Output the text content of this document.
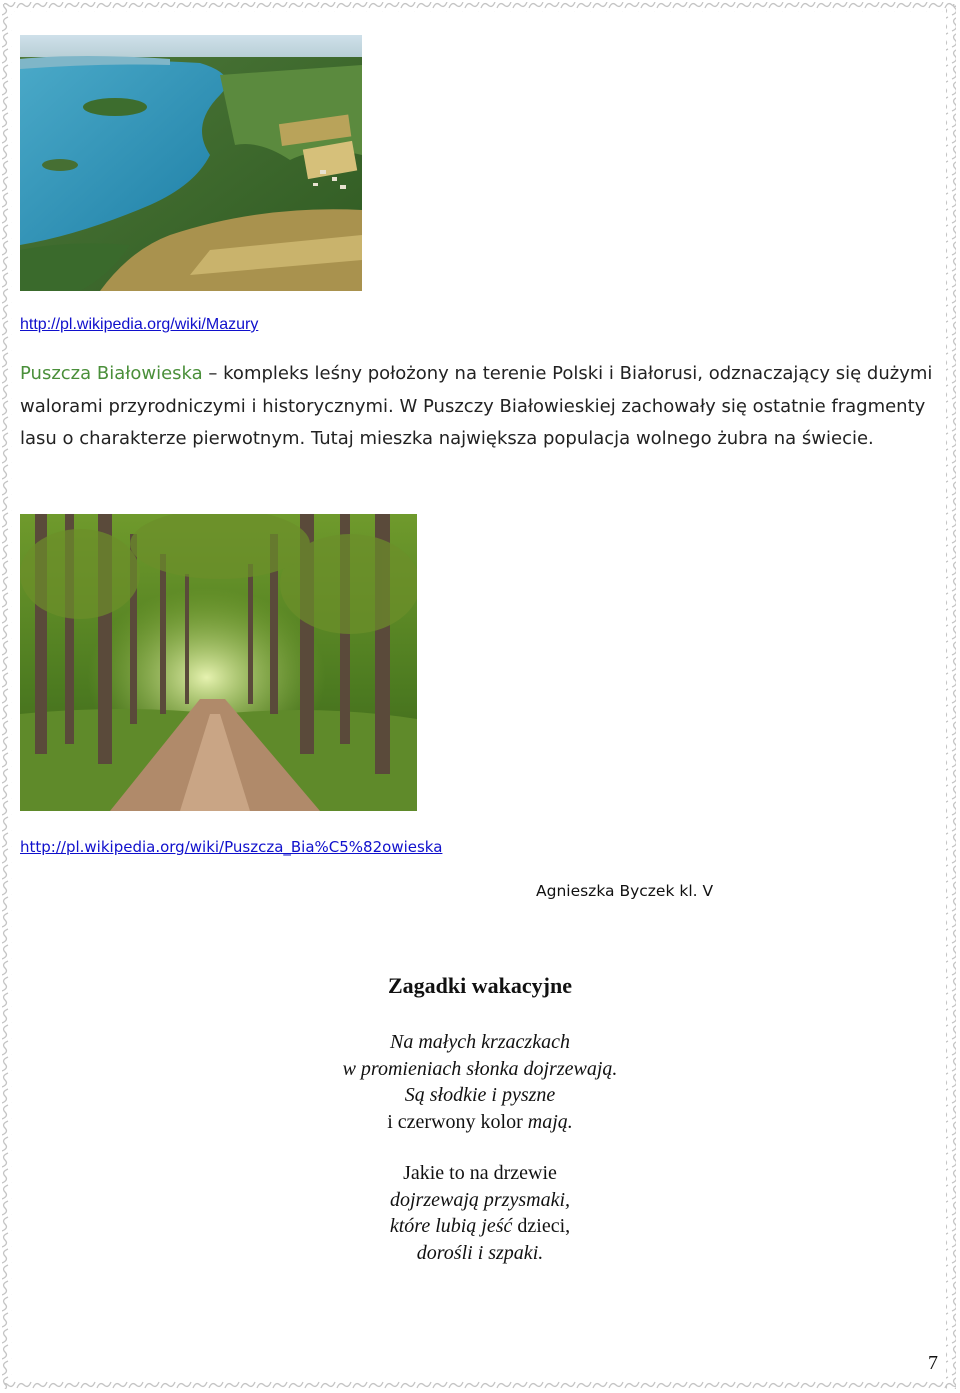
http://pl.wikipedia.org/wiki/Mazury
Puszcza Białowieska – kompleks leśny położony na terenie Polski i Białorusi, odznaczający się dużymi walorami przyrodniczymi i historycznymi. W Puszczy Białowieskiej zachowały się ostatnie fragmenty lasu o charakterze pierwotnym. Tutaj mieszka największa populacja wolnego żubra na świecie.
http://pl.wikipedia.org/wiki/Puszcza_Bia%C5%82owieska
Agnieszka Byczek kl. V
Zagadki wakacyjne
Na małych krzaczkach
w promieniach słonka dojrzewają.
Są słodkie i pyszne
i czerwony kolor mają.
Jakie to na drzewie
dojrzewają przysmaki,
które lubią jeść dzieci,
dorośli i szpaki.
7
